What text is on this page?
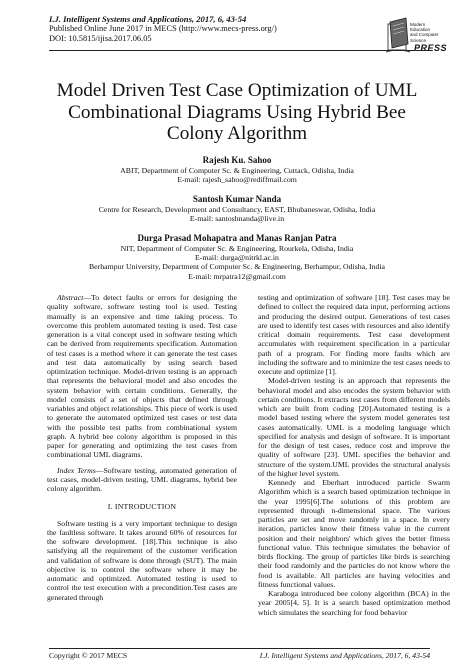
I.J. Intelligent Systems and Applications, 2017, 6, 43-54
Published Online June 2017 in MECS (http://www.mecs-press.org/)
DOI: 10.5815/ijisa.2017.06.05
Modern Education
and Computer Science
PRESS
Model Driven Test Case Optimization of UML Combinational Diagrams Using Hybrid Bee Colony Algorithm
Rajesh Ku. Sahoo
ABIT, Department of Computer Sc. & Engineering, Cuttack, Odisha, India
E-mail: rajesh_sahoo@rediffmail.com
Santosh Kumar Nanda
Centre for Research, Development and Consultancy, EAST, Bhubaneswar, Odisha, India
E-mail: santoshnanda@live.in
Durga Prasad Mohapatra and Manas Ranjan Patra
NIT, Department of Computer Sc. & Engineering, Rourkela, Odisha, India
E-mail: durga@nitrkl.ac.in
Berhampur University, Department of Computer Sc. & Engineering, Berhampur, Odisha, India
E-mail: mrpatra12@gmail.com

Abstract—To detect faults or errors for designing the quality software, software testing tool is used. Testing manually is an expensive and time taking process. To overcome this problem automated testing is used. Test case generation is a vital concept used in software testing which can be derived from requirements specification. Automation of test cases is a method where it can generate the test cases and test data automatically by using search based optimization technique. Model-driven testing is an approach that represents the behavioral model and also encodes the system behavior with certain conditions. Generally, the model consists of a set of objects that defined through variables and object relationships. This piece of work is used to generate the automated optimized test cases or test data with the possible test paths from combinational system graph. A hybrid bee colony algorithm is proposed in this paper for generating and optimizing the test cases from combinational UML diagrams.

Index Terms—Software testing, automated generation of test cases, model-driven testing, UML diagrams, hybrid bee colony algorithm.

I. INTRODUCTION

Software testing is a very important technique to design the faultless software. It takes around 60% of resources for the software development. [18].This technique is also satisfying all the requirement of the customer verification and validation of software is done through (SUT). The main objective is to control the software where it may be automatic and optimized. Automated testing is used to control the test execution with a precondition.Test cases are generated through

testing and optimization of software [18]. Test cases may be defined to collect the required data input, performing actions and producing the desired output. Generations of test cases are used to identify test cases with resources and also identify critical domain requirements. Test case development accumulates with requirement specification in a particular path of a program. For finding more faults which are including the software and to minimize the test cases needs to execute and optimize [1].

Model-driven testing is an approach that represents the behavioral model and also encodes the system behavior with certain conditions. It extracts test cases from different models which are built from coding [20].Automated testing is a model based testing where the system model generates test cases automatically. UML is a modeling language which specified for analysis and design of software. It is important for the design of test cases, reduce cost and improve the quality of software [23]. UML specifies the behavior and structure of the system.UML provides the structural analysis of the higher level system.

Kennedy and Eberhart introduced particle Swarm Algorithm which is a search based optimization technique in the year 1995[6].The solutions of this problem are represented through n-dimensional space. The various particles are set and move randomly in a space. In every iteration, particles know their fitness value in the current position and their neighbors' which gives the better fitness functional value. This technique simulates the behavior of birds flocking. The group of particles like birds is searching their food randomly and the particles do not know where the food is available. All particles are having velocities and fitness functional values.

Karaboga introduced bee colony algorithm (BCA) in the year 2005[4, 5]. It is a search based optimization method which simulates the searching for food behavior

Copyright © 2017 MECS	I.J. Intelligent Systems and Applications, 2017, 6, 43-54
